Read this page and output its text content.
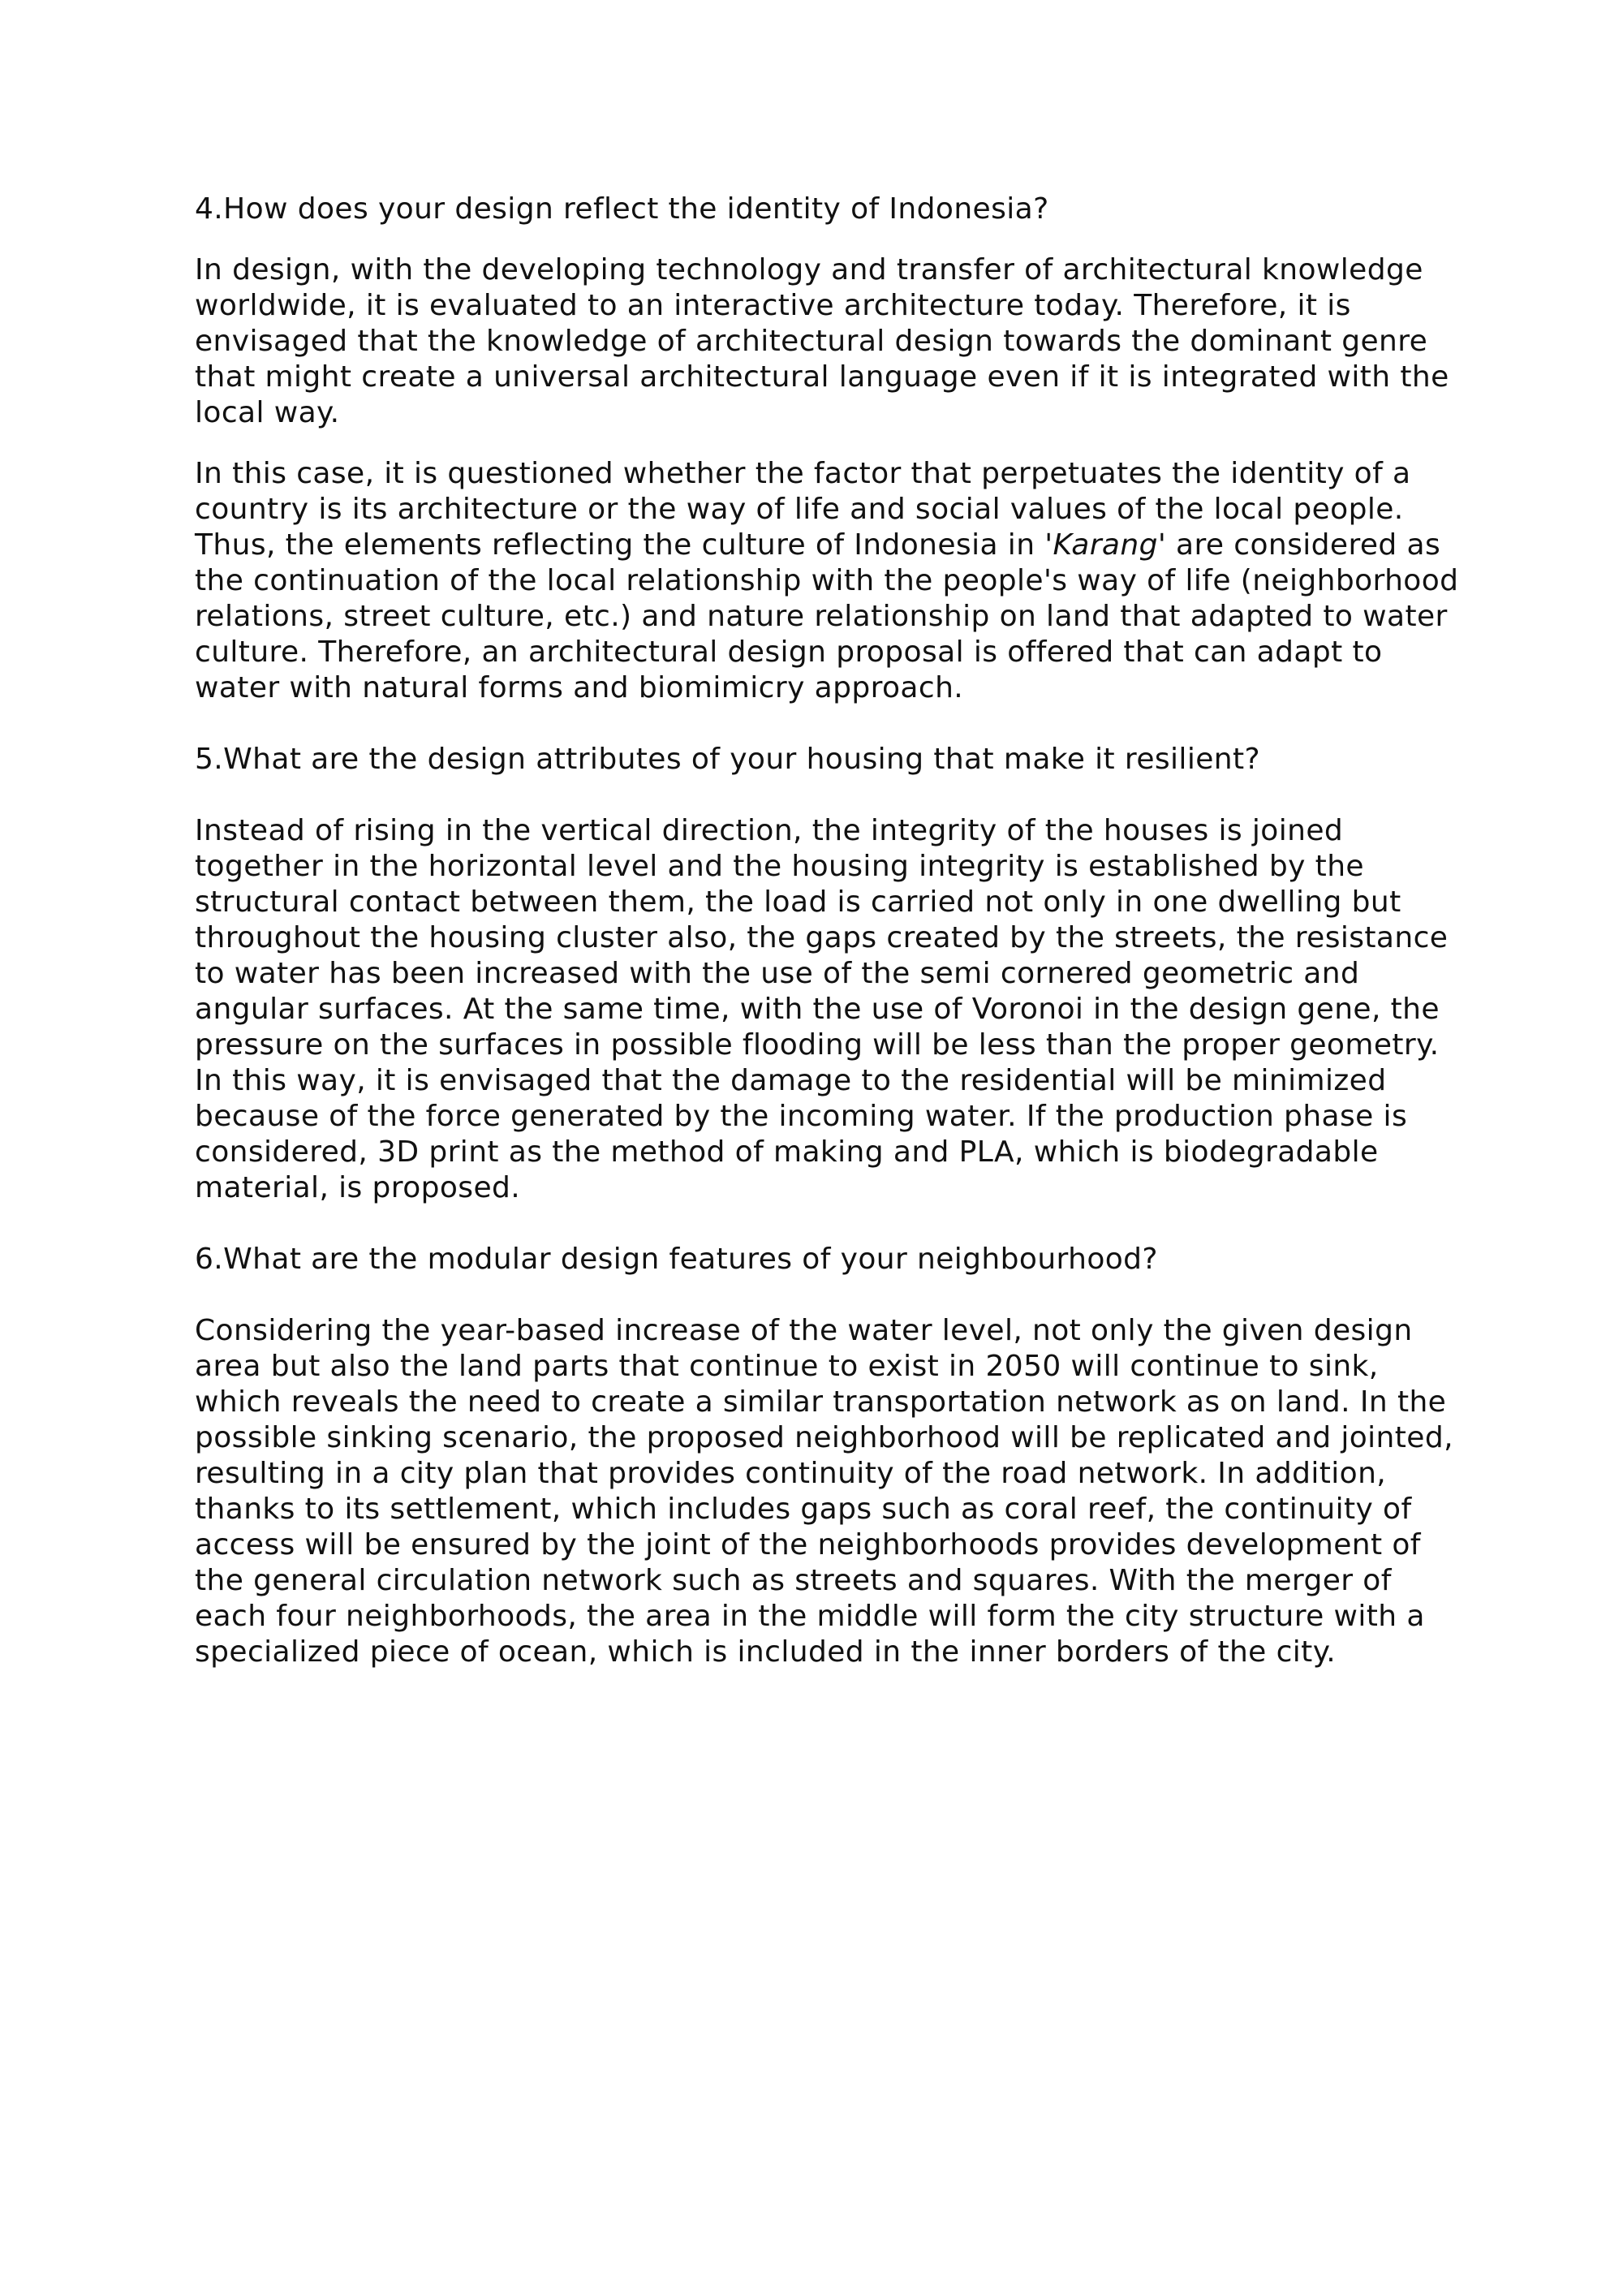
4.How does your design reflect the identity of Indonesia?

In design, with the developing technology and transfer of architectural knowledge worldwide, it is evaluated to an interactive architecture today. Therefore, it is envisaged that the knowledge of architectural design towards the dominant genre that might create a universal architectural language even if it is integrated with the local way.

In this case, it is questioned whether the factor that perpetuates the identity of a country is its architecture or the way of life and social values of the local people. Thus, the elements reflecting the culture of Indonesia in 'Karang' are considered as the continuation of the local relationship with the people's way of life (neighborhood relations, street culture, etc.) and nature relationship on land that adapted to water culture. Therefore, an architectural design proposal is offered that can adapt to water with natural forms and biomimicry approach.

5.What are the design attributes of your housing that make it resilient?

Instead of rising in the vertical direction, the integrity of the houses is joined together in the horizontal level and the housing integrity is established by the structural contact between them, the load is carried not only in one dwelling but throughout the housing cluster also, the gaps created by the streets, the resistance to water has been increased with the use of the semi cornered geometric and angular surfaces. At the same time, with the use of Voronoi in the design gene, the pressure on the surfaces in possible flooding will be less than the proper geometry. In this way, it is envisaged that the damage to the residential will be minimized because of the force generated by the incoming water. If the production phase is considered, 3D print as the method of making and PLA, which is biodegradable material, is proposed.

6.What are the modular design features of your neighbourhood?

Considering the year-based increase of the water level, not only the given design area but also the land parts that continue to exist in 2050 will continue to sink, which reveals the need to create a similar transportation network as on land. In the possible sinking scenario, the proposed neighborhood will be replicated and jointed, resulting in a city plan that provides continuity of the road network. In addition, thanks to its settlement, which includes gaps such as coral reef, the continuity of access will be ensured by the joint of the neighborhoods provides development of the general circulation network such as streets and squares. With the merger of each four neighborhoods, the area in the middle will form the city structure with a specialized piece of ocean, which is included in the inner borders of the city.
